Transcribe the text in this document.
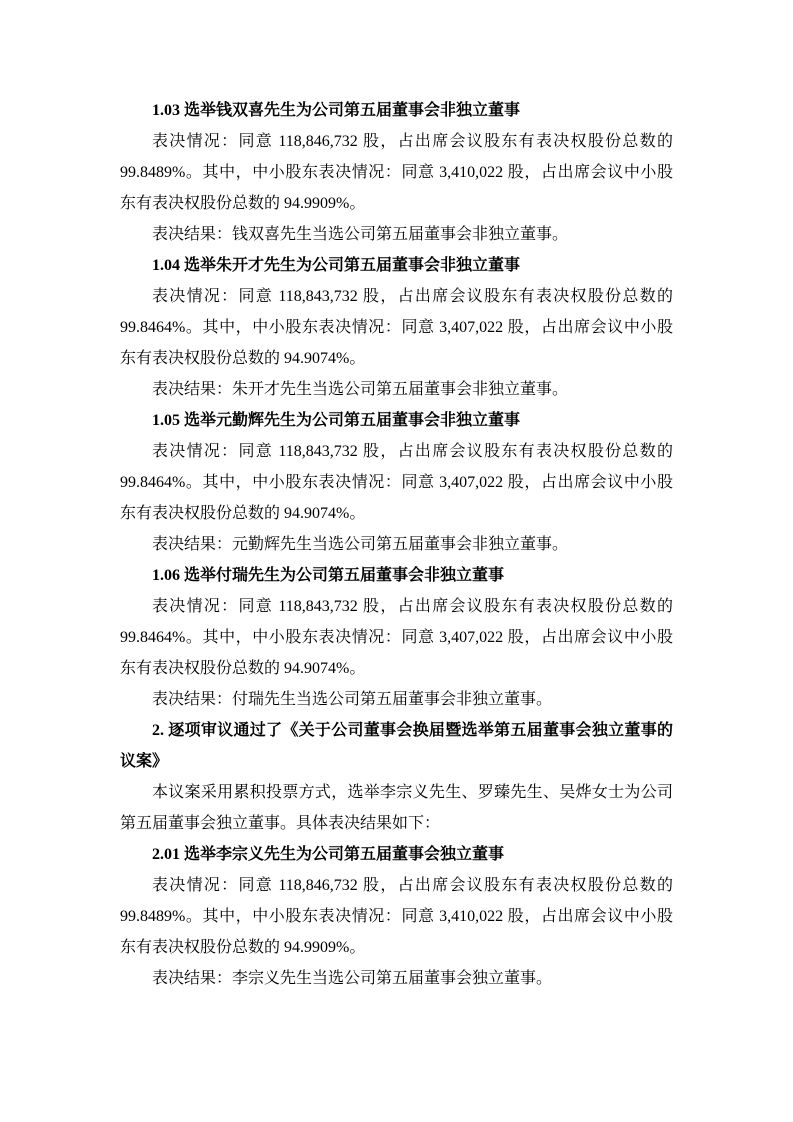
1.03 选举钱双喜先生为公司第五届董事会非独立董事

表决情况：同意 118,846,732 股，占出席会议股东有表决权股份总数的 99.8489%。其中，中小股东表决情况：同意 3,410,022 股，占出席会议中小股东有表决权股份总数的 94.9909%。

表决结果：钱双喜先生当选公司第五届董事会非独立董事。

1.04 选举朱开才先生为公司第五届董事会非独立董事

表决情况：同意 118,843,732 股，占出席会议股东有表决权股份总数的 99.8464%。其中，中小股东表决情况：同意 3,407,022 股，占出席会议中小股东有表决权股份总数的 94.9074%。

表决结果：朱开才先生当选公司第五届董事会非独立董事。

1.05 选举元勤辉先生为公司第五届董事会非独立董事

表决情况：同意 118,843,732 股，占出席会议股东有表决权股份总数的 99.8464%。其中，中小股东表决情况：同意 3,407,022 股，占出席会议中小股东有表决权股份总数的 94.9074%。

表决结果：元勤辉先生当选公司第五届董事会非独立董事。

1.06 选举付瑞先生为公司第五届董事会非独立董事

表决情况：同意 118,843,732 股，占出席会议股东有表决权股份总数的 99.8464%。其中，中小股东表决情况：同意 3,407,022 股，占出席会议中小股东有表决权股份总数的 94.9074%。

表决结果：付瑞先生当选公司第五届董事会非独立董事。

2. 逐项审议通过了《关于公司董事会换届暨选举第五届董事会独立董事的议案》

本议案采用累积投票方式，选举李宗义先生、罗臻先生、吴烨女士为公司第五届董事会独立董事。具体表决结果如下：

2.01 选举李宗义先生为公司第五届董事会独立董事

表决情况：同意 118,846,732 股，占出席会议股东有表决权股份总数的 99.8489%。其中，中小股东表决情况：同意 3,410,022 股，占出席会议中小股东有表决权股份总数的 94.9909%。

表决结果：李宗义先生当选公司第五届董事会独立董事。
